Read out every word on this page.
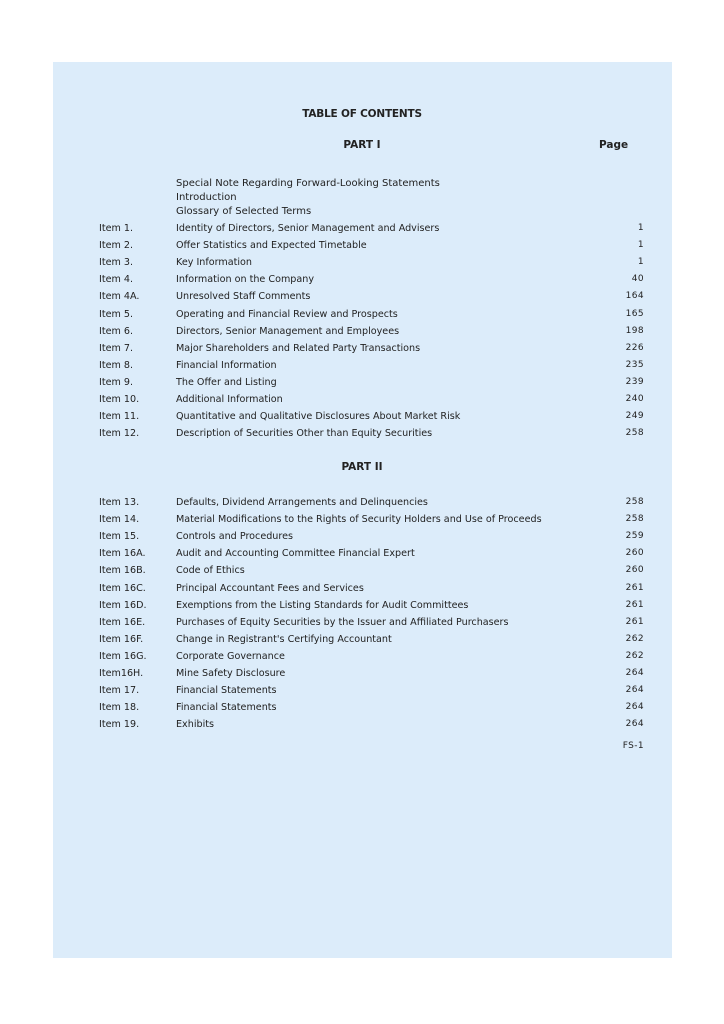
TABLE OF CONTENTS
PART I	Page
Special Note Regarding Forward-Looking Statements
Introduction
Glossary of Selected Terms
Item 1.	Identity of Directors, Senior Management and Advisers	1
Item 2.	Offer Statistics and Expected Timetable	1
Item 3.	Key Information	1
Item 4.	Information on the Company	40
Item 4A.	Unresolved Staff Comments	164
Item 5.	Operating and Financial Review and Prospects	165
Item 6.	Directors, Senior Management and Employees	198
Item 7.	Major Shareholders and Related Party Transactions	226
Item 8.	Financial Information	235
Item 9.	The Offer and Listing	239
Item 10.	Additional Information	240
Item 11.	Quantitative and Qualitative Disclosures About Market Risk	249
Item 12.	Description of Securities Other than Equity Securities	258
PART II
Item 13.	Defaults, Dividend Arrangements and Delinquencies	258
Item 14.	Material Modifications to the Rights of Security Holders and Use of Proceeds	258
Item 15.	Controls and Procedures	259
Item 16A.	Audit and Accounting Committee Financial Expert	260
Item 16B.	Code of Ethics	260
Item 16C.	Principal Accountant Fees and Services	261
Item 16D.	Exemptions from the Listing Standards for Audit Committees	261
Item 16E.	Purchases of Equity Securities by the Issuer and Affiliated Purchasers	261
Item 16F.	Change in Registrant's Certifying Accountant	262
Item 16G.	Corporate Governance	262
Item16H.	Mine Safety Disclosure	264
Item 17.	Financial Statements	264
Item 18.	Financial Statements	264
Item 19.	Exhibits	264
FS-1
